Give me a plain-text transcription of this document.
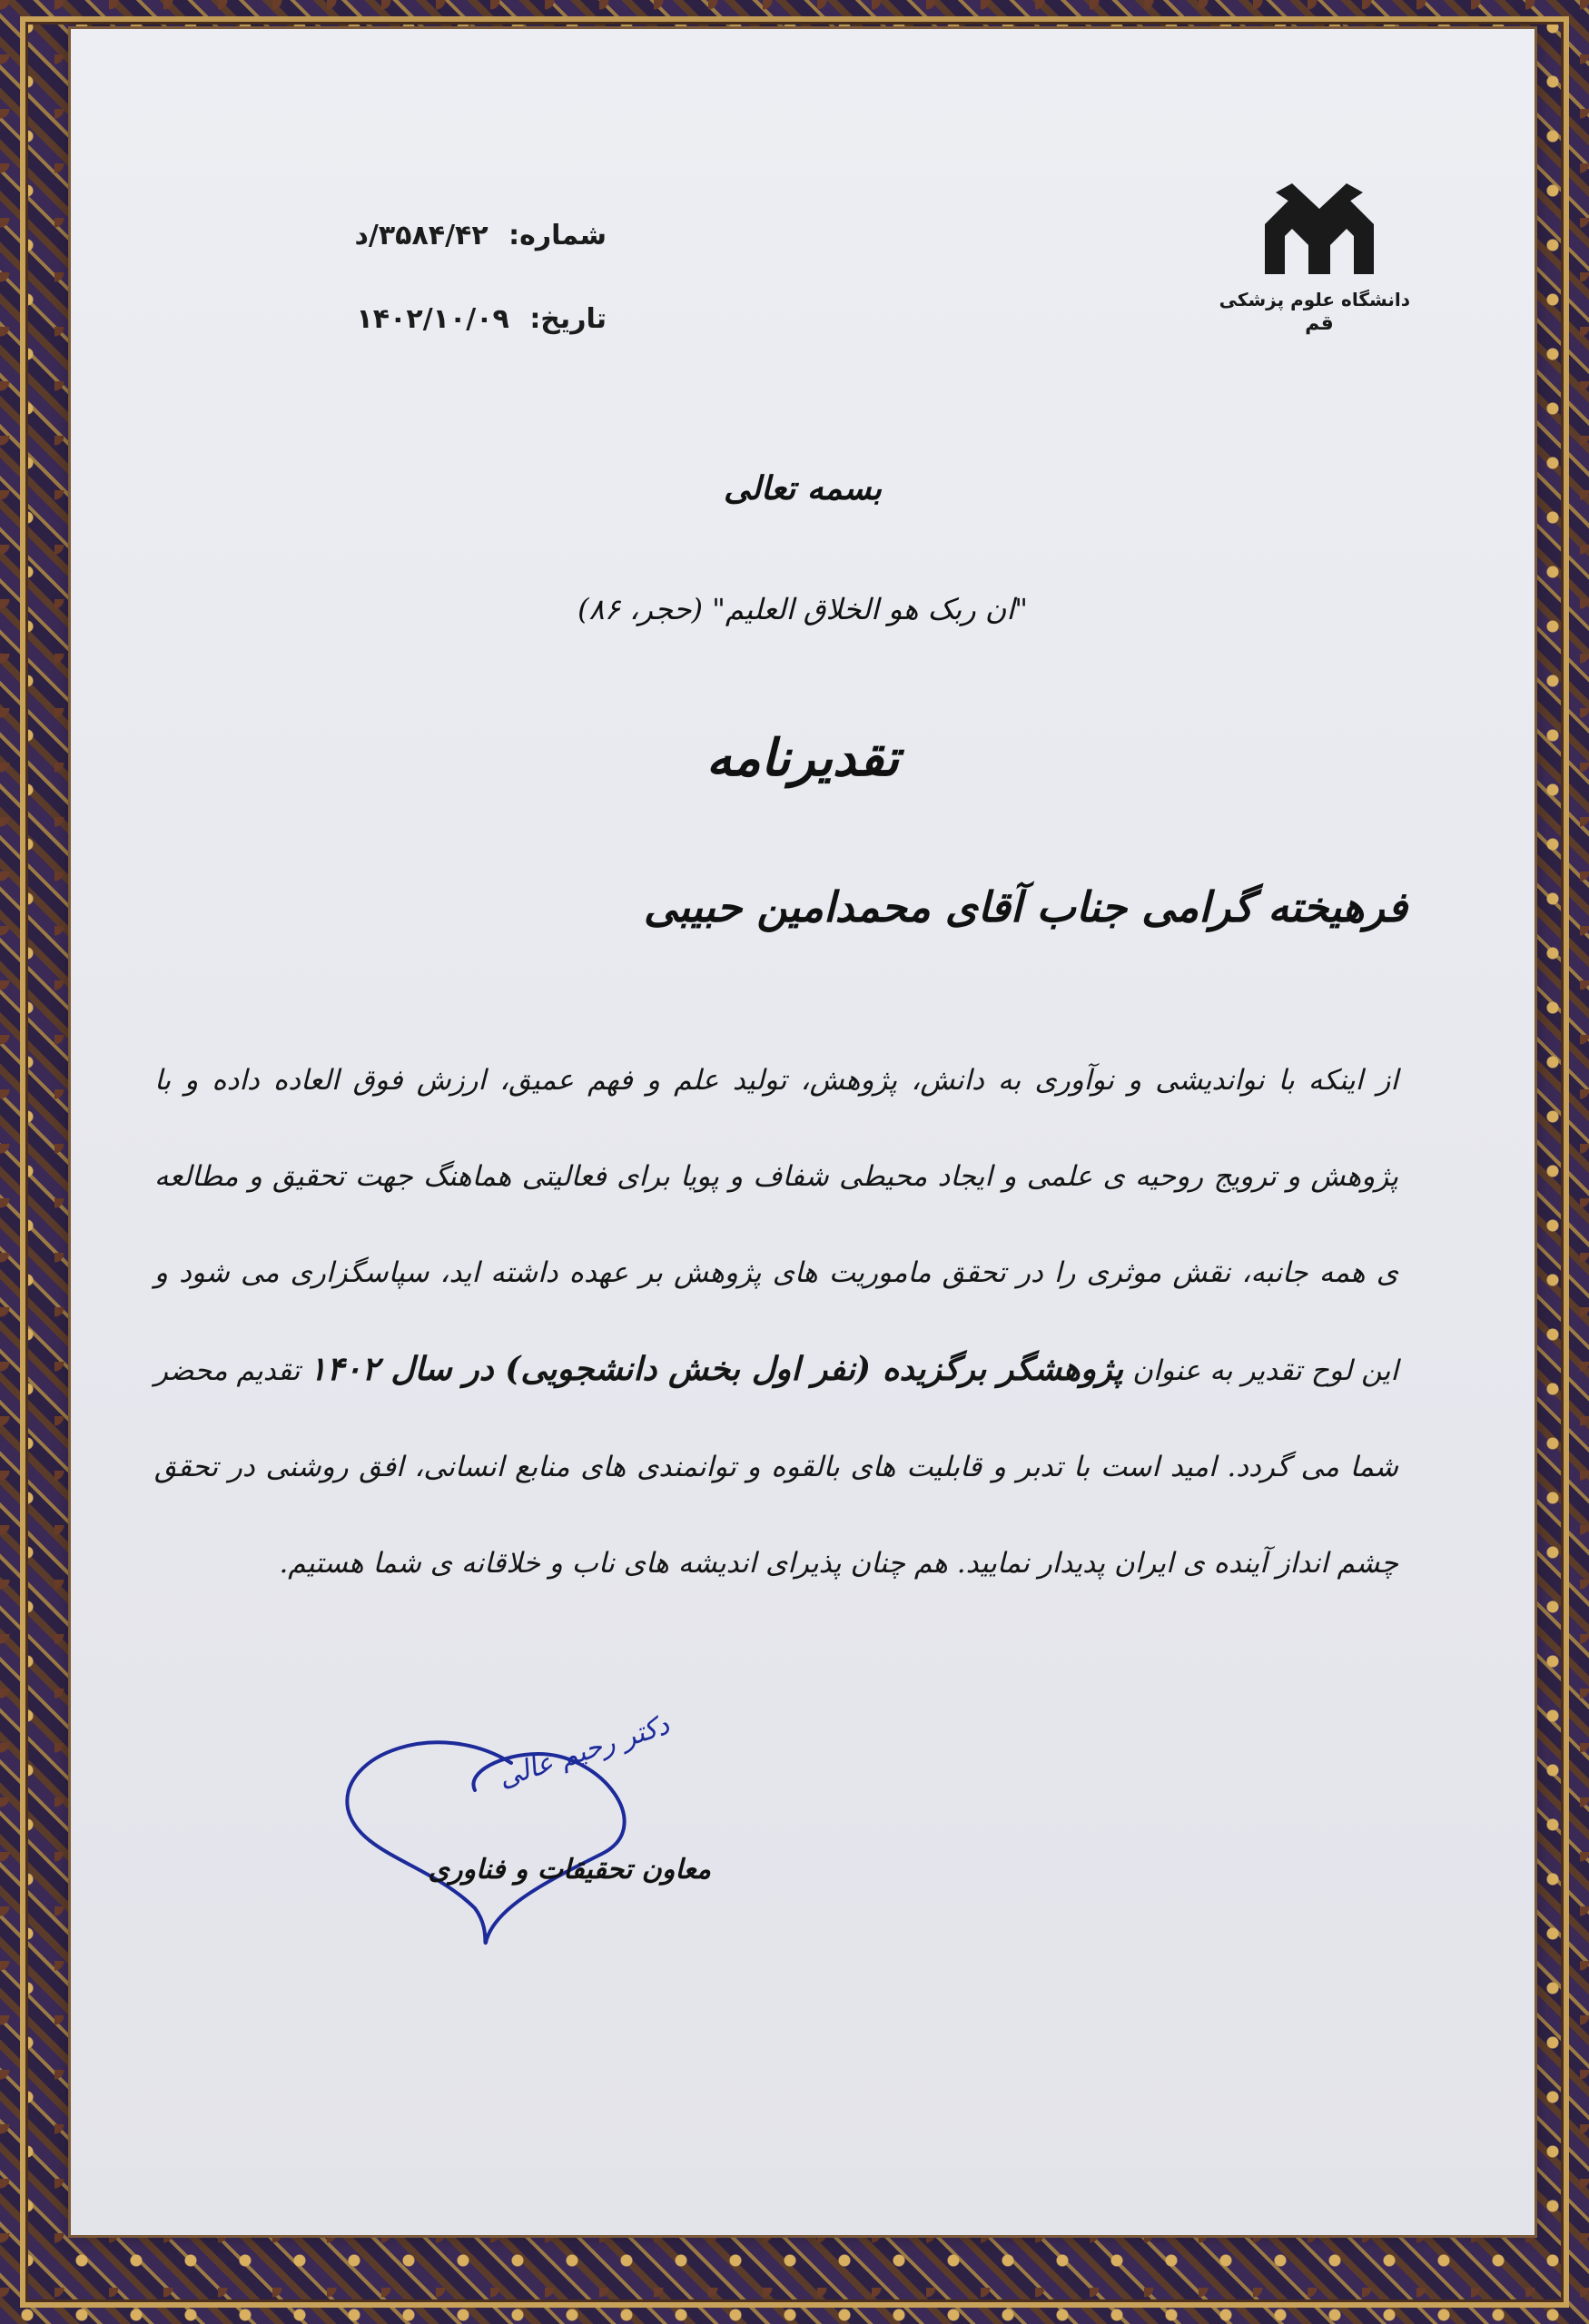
دانشگاه علوم پزشکی
قم
شماره: ۳۵۸۴/۴۲/د
تاریخ: ۱۴۰۲/۱۰/۰۹
بسمه تعالی
"ان ربک هو الخلاق العلیم" (حجر، ۸۶)
تقدیرنامه
فرهیخته گرامی جناب آقای محمدامین حبیبی
از اینکه با نواندیشی و نوآوری به دانش، پژوهش، تولید علم و فهم عمیق، ارزش فوق العاده داده و با پژوهش و ترویج روحیه ی علمی و ایجاد محیطی شفاف و پویا برای فعالیتی هماهنگ جهت تحقیق و مطالعه ی همه جانبه، نقش موثری را در تحقق ماموریت های پژوهش بر عهده داشته اید، سپاسگزاری می شود و این لوح تقدیر به عنوان پژوهشگر برگزیده (نفر اول بخش دانشجویی) در سال ۱۴۰۲ تقدیم محضر شما می گردد. امید است با تدبر و قابلیت های بالقوه و توانمندی های منابع انسانی، افق روشنی در تحقق چشم انداز آینده ی ایران پدیدار نمایید. هم چنان پذیرای اندیشه های ناب و خلاقانه ی شما هستیم.
دکتر رحیم عالی
معاون تحقیقات و فناوری
